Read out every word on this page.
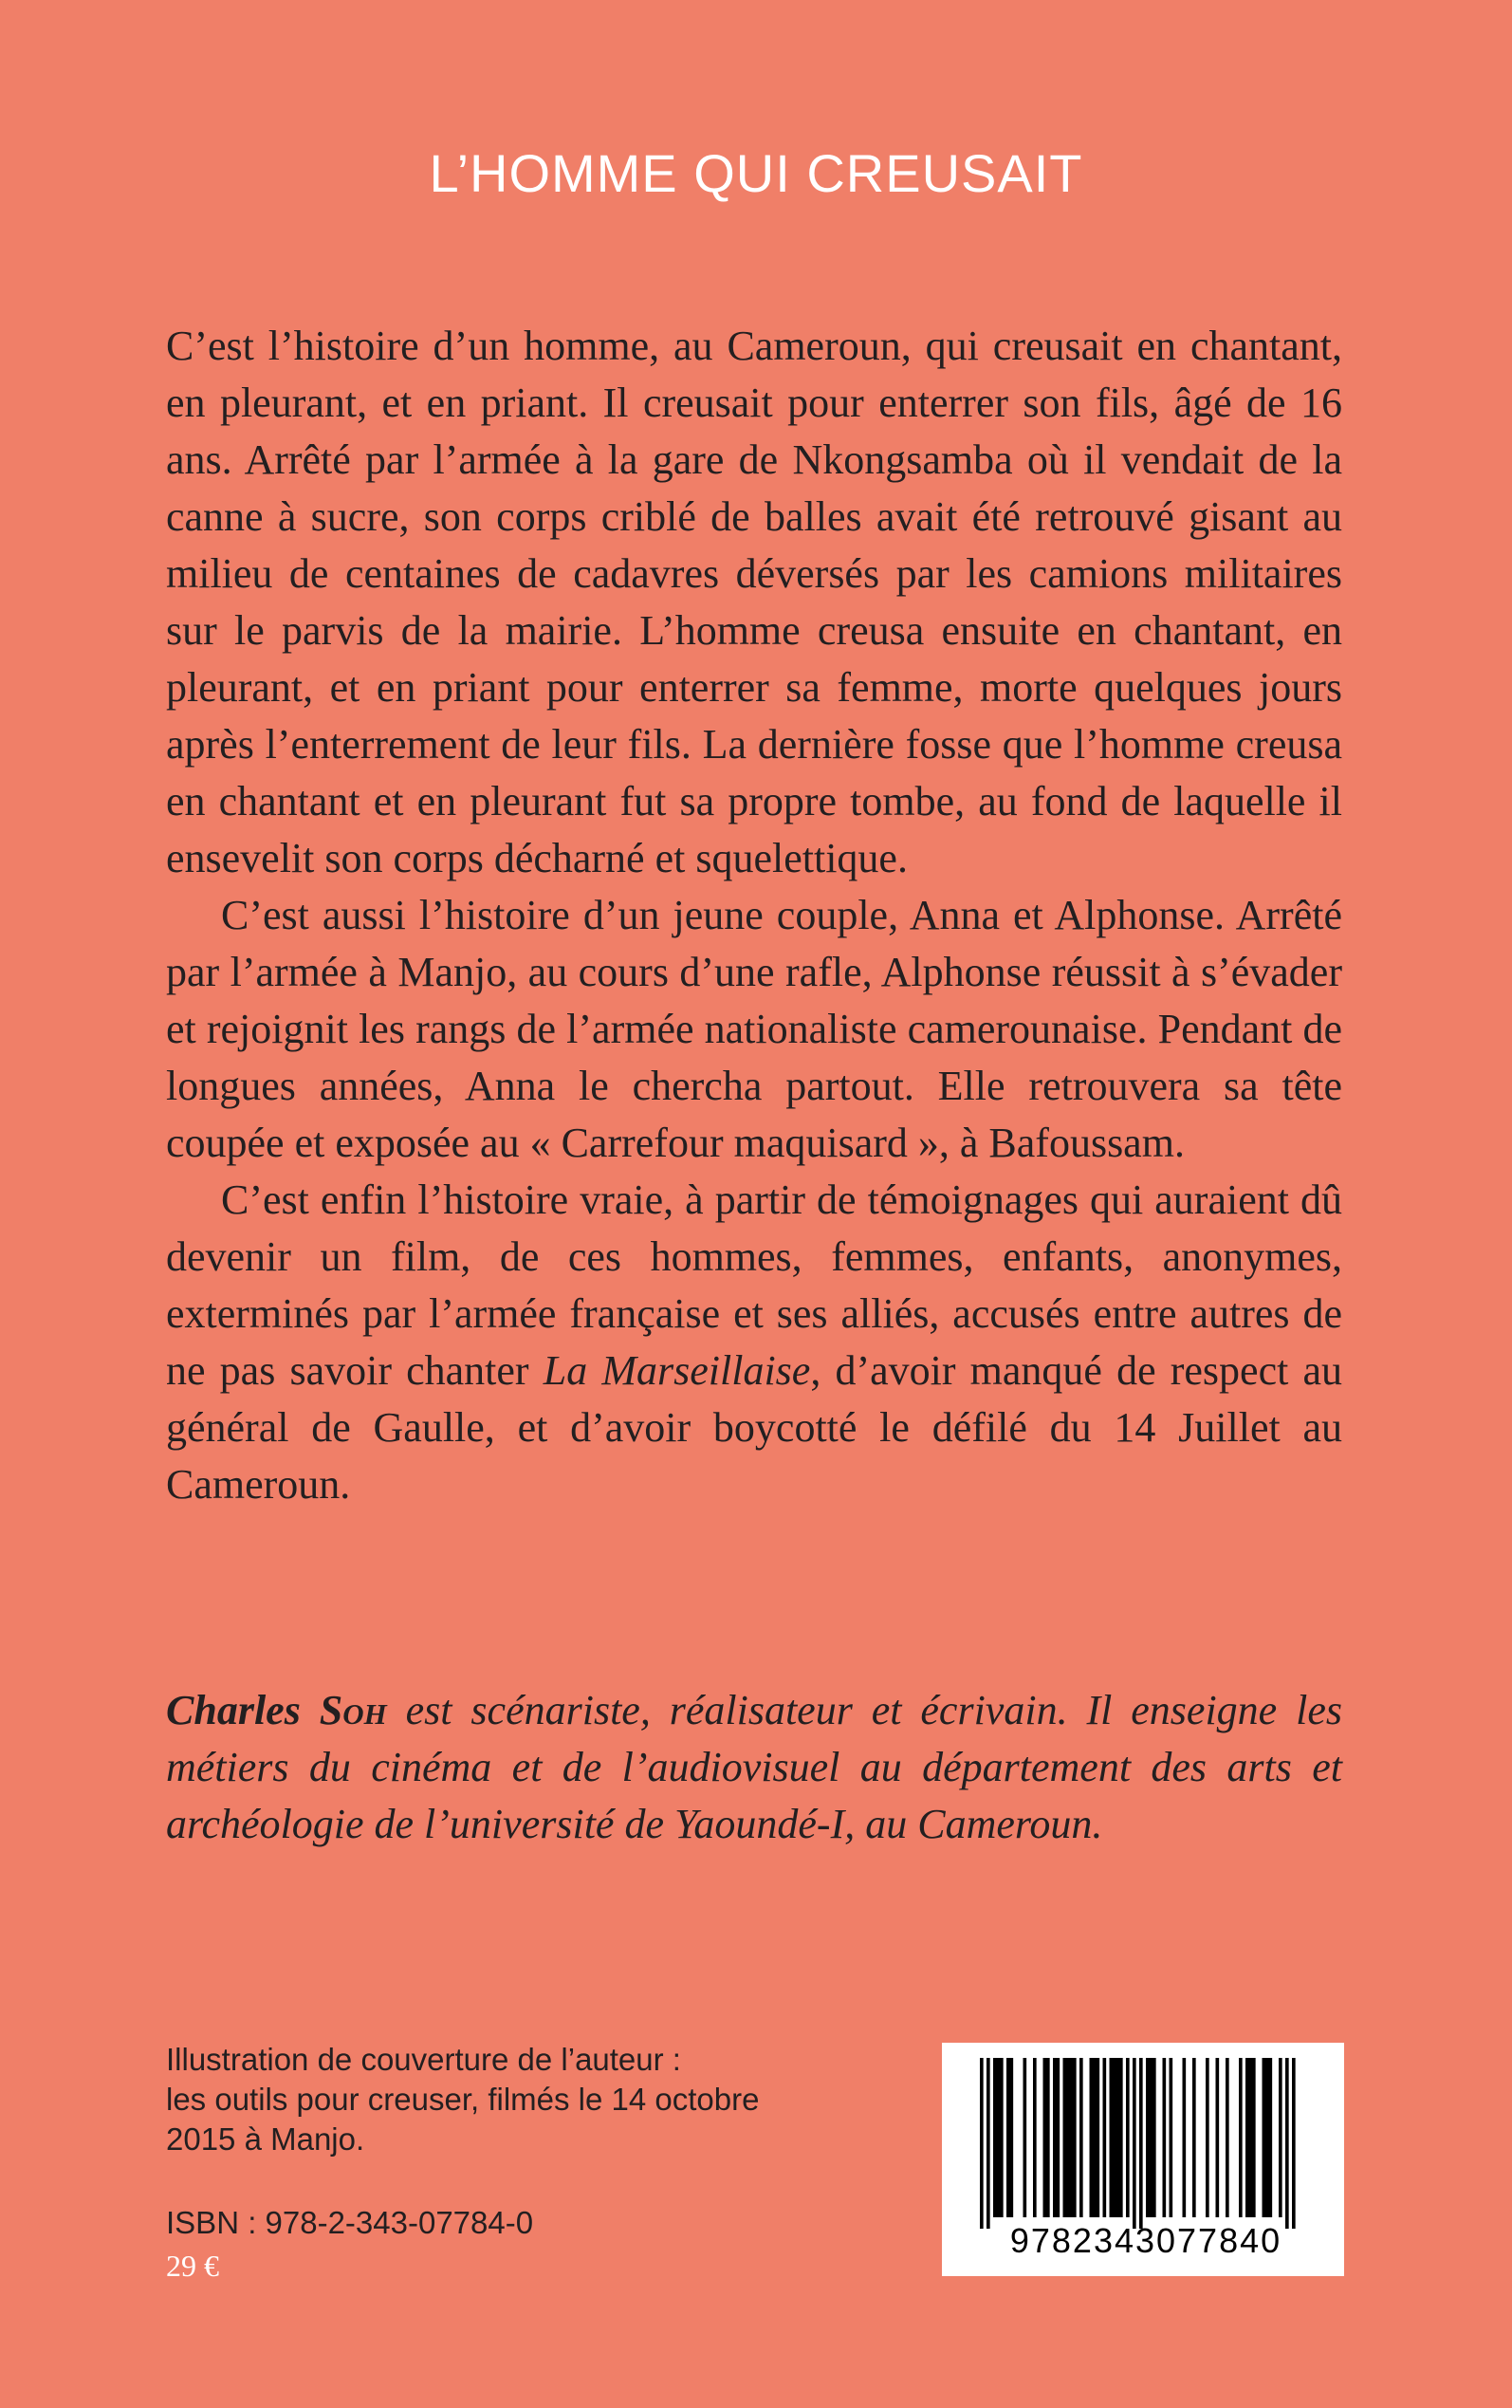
L’HOMME QUI CREUSAIT

C’est l’histoire d’un homme, au Cameroun, qui creusait en chantant, en pleurant, et en priant. Il creusait pour enterrer son fils, âgé de 16 ans. Arrêté par l’armée à la gare de Nkongsamba où il vendait de la canne à sucre, son corps criblé de balles avait été retrouvé gisant au milieu de centaines de cadavres déversés par les camions militaires sur le parvis de la mairie. L’homme creusa ensuite en chantant, en pleurant, et en priant pour enterrer sa femme, morte quelques jours après l’enterrement de leur fils. La dernière fosse que l’homme creusa en chantant et en pleurant fut sa propre tombe, au fond de laquelle il ensevelit son corps décharné et squelettique.

C’est aussi l’histoire d’un jeune couple, Anna et Alphonse. Arrêté par l’armée à Manjo, au cours d’une rafle, Alphonse réussit à s’évader et rejoignit les rangs de l’armée nationaliste camerounaise. Pendant de longues années, Anna le chercha partout. Elle retrouvera sa tête coupée et exposée au « Carrefour maquisard », à Bafoussam.

C’est enfin l’histoire vraie, à partir de témoignages qui auraient dû devenir un film, de ces hommes, femmes, enfants, anonymes, exterminés par l’armée française et ses alliés, accusés entre autres de ne pas savoir chanter La Marseillaise, d’avoir manqué de respect au général de Gaulle, et d’avoir boycotté le défilé du 14 Juillet au Cameroun.

Charles Soh est scénariste, réalisateur et écrivain. Il enseigne les métiers du cinéma et de l’audiovisuel au département des arts et archéologie de l’université de Yaoundé-I, au Cameroun.

Illustration de couverture de l’auteur :
les outils pour creuser, filmés le 14 octobre
2015 à Manjo.

ISBN : 978-2-343-07784-0

29 €

9782343077840
